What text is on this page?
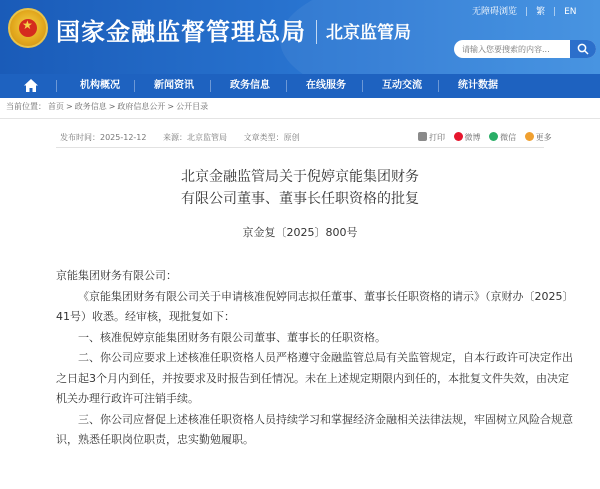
★ 国家金融监督管理总局 北京监管局
无障碍浏览 | 繁 | EN
请输入您要搜索的内容...
机构概况	新闻资讯	政务信息	在线服务	互动交流	统计数据
当前位置： 首页 > 政务信息 > 政府信息公开 > 公开目录
发布时间：2025-12-12 来源：北京监管局 文章类型：原创	打印 微博 微信 更多
北京金融监管局关于倪婷京能集团财务
有限公司董事、董事长任职资格的批复
京金复〔2025〕800号

京能集团财务有限公司：

《京能集团财务有限公司关于申请核准倪婷同志拟任董事、董事长任职资格的请示》（京财办〔2025〕41号）收悉。经审核，现批复如下：

一、核准倪婷京能集团财务有限公司董事、董事长的任职资格。

二、你公司应要求上述核准任职资格人员严格遵守金融监管总局有关监管规定，自本行政许可决定作出之日起3个月内到任，并按要求及时报告到任情况。未在上述规定期限内到任的，本批复文件失效，由决定机关办理行政许可注销手续。

三、你公司应督促上述核准任职资格人员持续学习和掌握经济金融相关法律法规，牢固树立风险合规意识，熟悉任职岗位职责，忠实勤勉履职。
